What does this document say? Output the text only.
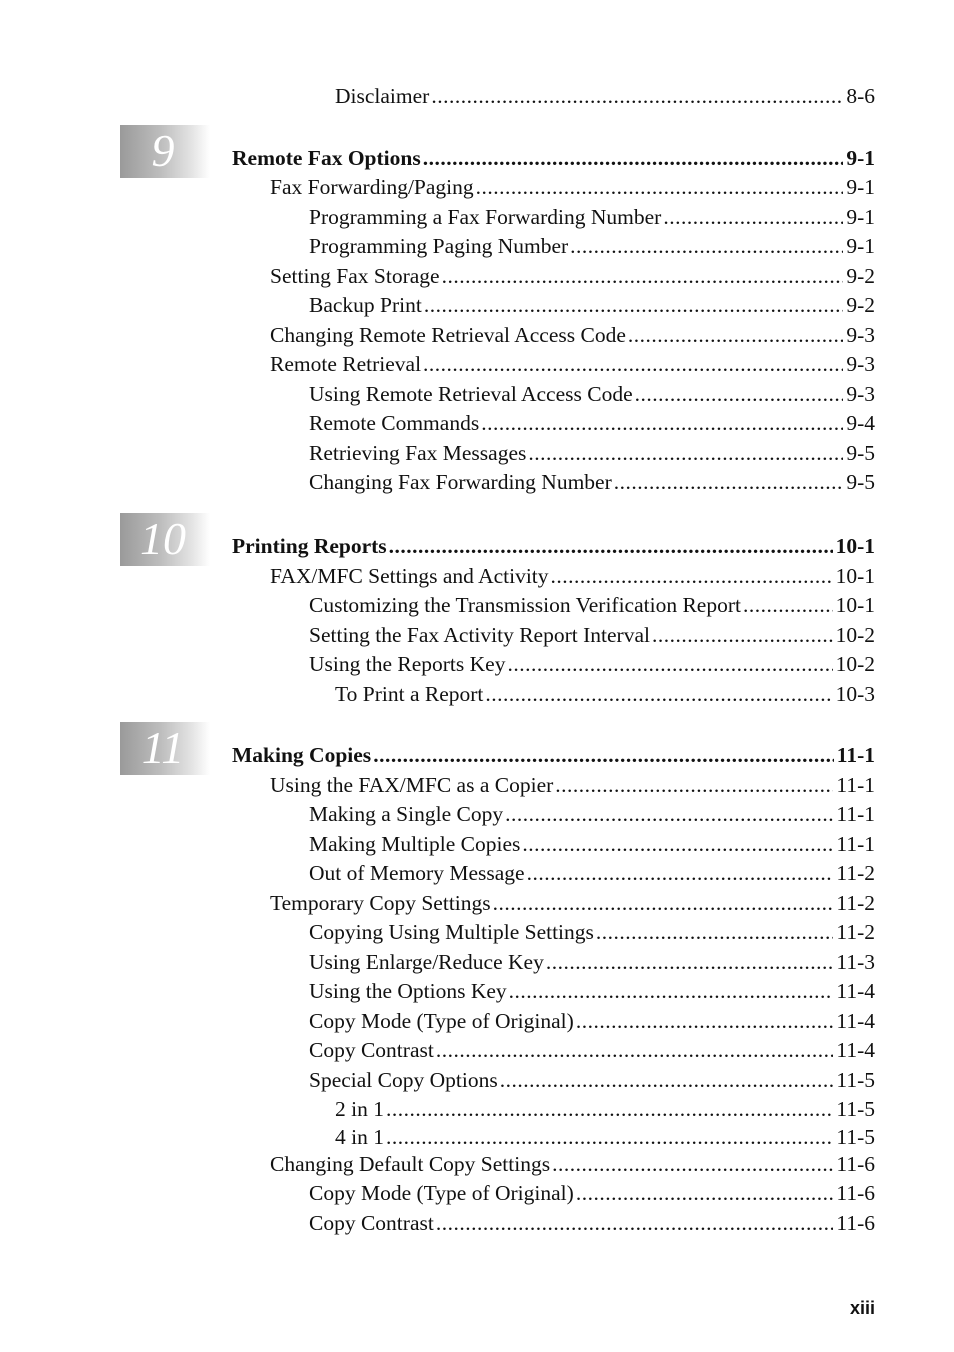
9
10
11
Disclaimer .....	8-6
Remote Fax Options .....	9-1
Fax Forwarding/Paging .....	9-1
Programming a Fax Forwarding Number .....	9-1
Programming Paging Number .....	9-1
Setting Fax Storage .....	9-2
Backup Print .....	9-2
Changing Remote Retrieval Access Code .....	9-3
Remote Retrieval .....	9-3
Using Remote Retrieval Access Code .....	9-3
Remote Commands .....	9-4
Retrieving Fax Messages .....	9-5
Changing Fax Forwarding Number .....	9-5
Printing Reports .....	10-1
FAX/MFC Settings and Activity .....	10-1
Customizing the Transmission Verification Report .....	10-1
Setting the Fax Activity Report Interval .....	10-2
Using the Reports Key .....	10-2
To Print a Report .....	10-3
Making Copies .....	11-1
Using the FAX/MFC as a Copier .....	11-1
Making a Single Copy .....	11-1
Making Multiple Copies .....	11-1
Out of Memory Message .....	11-2
Temporary Copy Settings .....	11-2
Copying Using Multiple Settings .....	11-2
Using Enlarge/Reduce Key .....	11-3
Using the Options Key .....	11-4
Copy Mode (Type of Original) .....	11-4
Copy Contrast .....	11-4
Special Copy Options .....	11-5
2 in 1 .....	11-5
4 in 1 .....	11-5
Changing Default Copy Settings .....	11-6
Copy Mode (Type of Original) .....	11-6
Copy Contrast .....	11-6
xiii
